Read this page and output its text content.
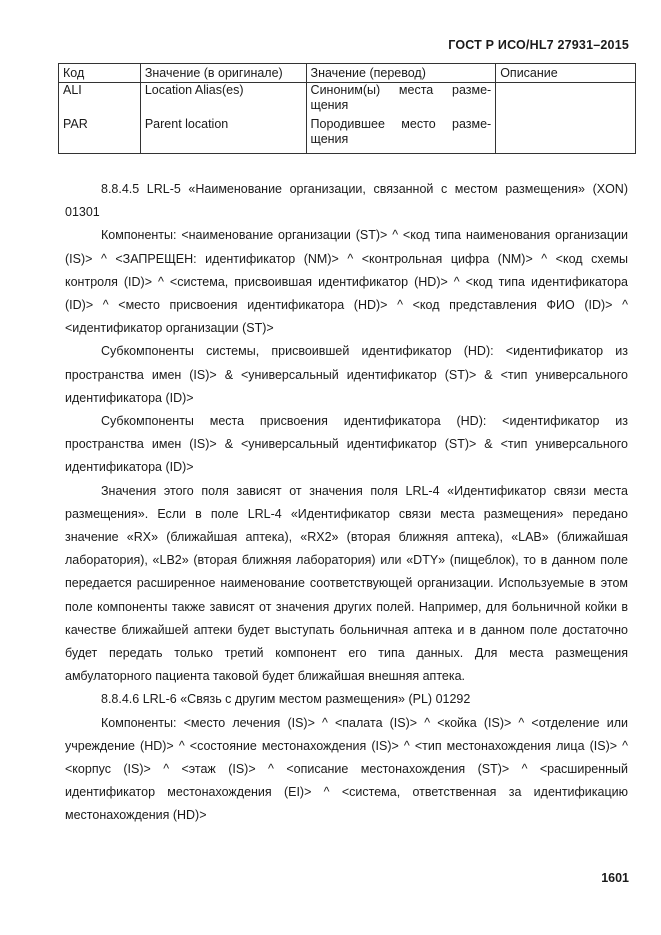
ГОСТ Р ИСО/HL7 27931–2015
Код	Значение (в оригинале)	Значение (перевод)	Описание
ALI	Location Alias(es)	Синоним(ы) места разме-
щения	

PAR	Parent location	Породившее место разме-
щения	

8.8.4.5 LRL-5 «Наименование организации, связанной с местом размещения» (XON) 01301

Компоненты: <наименование организации (ST)> ^ <код типа наименования организации (IS)> ^ <ЗАПРЕЩЕН: идентификатор (NM)> ^ <контрольная цифра (NM)> ^ <код схемы контроля (ID)> ^ <система, присвоившая идентификатор (HD)> ^ <код типа идентификатора (ID)> ^ <место присвоения идентификатора (HD)> ^ <код представления ФИО (ID)> ^ <идентификатор организации (ST)>

Субкомпоненты системы, присвоившей идентификатор (HD): <идентификатор из пространства имен (IS)> & <универсальный идентификатор (ST)> & <тип универсального идентификатора (ID)>

Субкомпоненты места присвоения идентификатора (HD): <идентификатор из пространства имен (IS)> & <универсальный идентификатор (ST)> & <тип универсального идентификатора (ID)>

Значения этого поля зависят от значения поля LRL-4 «Идентификатор связи места размещения». Если в поле LRL-4 «Идентификатор связи места размещения» передано значение «RX» (ближайшая аптека), «RX2» (вторая ближняя аптека), «LAB» (ближайшая лаборатория), «LB2» (вторая ближняя лаборатория) или «DTY» (пищеблок), то в данном поле передается расширенное наименование соответствующей организации. Используемые в этом поле компоненты также зависят от значения других полей. Например, для больничной койки в качестве ближайшей аптеки будет выступать больничная аптека и в данном поле достаточно будет передать только третий компонент его типа данных. Для места размещения амбулаторного пациента таковой будет ближайшая внешняя аптека.

8.8.4.6 LRL-6 «Связь с другим местом размещения» (PL) 01292

Компоненты: <место лечения (IS)> ^ <палата (IS)> ^ <койка (IS)> ^ <отделение или учреждение (HD)> ^ <состояние местонахождения (IS)> ^ <тип местонахождения лица (IS)> ^ <корпус (IS)> ^ <этаж (IS)> ^ <описание местонахождения (ST)> ^ <расширенный идентификатор местонахождения (EI)> ^ <система, ответственная за идентификацию местонахождения (HD)>

1601
